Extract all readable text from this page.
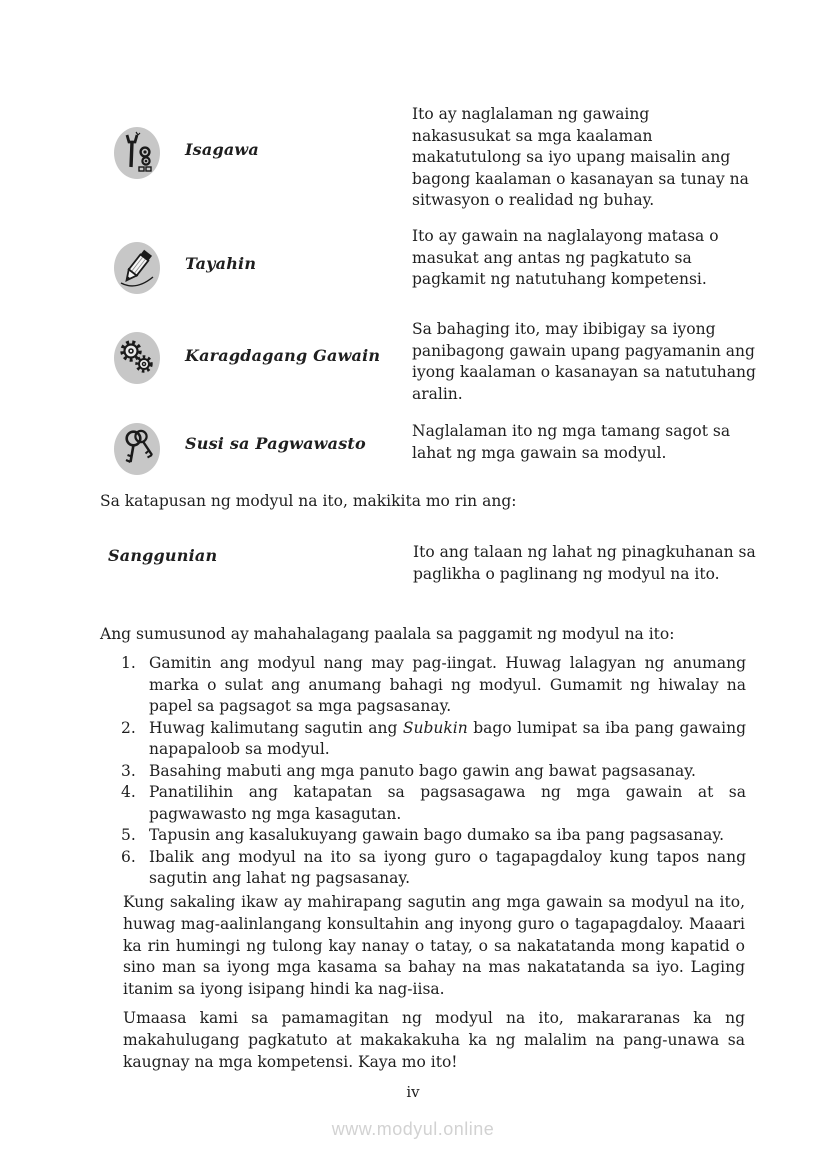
Isagawa
Ito ay naglalaman ng gawaing nakasusukat sa mga kaalaman makatutulong sa iyo upang maisalin ang bagong kaalaman o kasanayan sa tunay na sitwasyon o realidad ng buhay.
Tayahin
Ito ay gawain na naglalayong matasa o masukat ang antas ng pagkatuto sa pagkamit ng natutuhang kompetensi.
Karagdagang Gawain
Sa bahaging ito, may ibibigay sa iyong panibagong gawain upang pagyamanin ang iyong kaalaman o kasanayan sa natutuhang aralin.
Susi sa Pagwawasto
Naglalaman ito ng mga tamang sagot sa lahat ng mga gawain sa modyul.
Sa katapusan ng modyul na ito, makikita mo rin ang:
Sanggunian	Ito ang talaan ng lahat ng pinagkuhanan sa paglikha o paglinang ng modyul na ito.
Ang sumusunod ay mahahalagang paalala sa paggamit ng modyul na ito:
1. Gamitin ang modyul nang may pag-iingat. Huwag lalagyan ng anumang marka o sulat ang anumang bahagi ng modyul. Gumamit ng hiwalay na papel sa pagsagot sa mga pagsasanay.
2. Huwag kalimutang sagutin ang Subukin bago lumipat sa iba pang gawaing napapaloob sa modyul.
3. Basahing mabuti ang mga panuto bago gawin ang bawat pagsasanay.
4. Panatilihin ang katapatan sa pagsasagawa ng mga gawain at sa pagwawasto ng mga kasagutan.
5. Tapusin ang kasalukuyang gawain bago dumako sa iba pang pagsasanay.
6. Ibalik ang modyul na ito sa iyong guro o tagapagdaloy kung tapos nang sagutin ang lahat ng pagsasanay.
Kung sakaling ikaw ay mahirapang sagutin ang mga gawain sa modyul na ito, huwag mag-aalinlangang konsultahin ang inyong guro o tagapagdaloy. Maaari ka rin humingi ng tulong kay nanay o tatay, o sa nakatatanda mong kapatid o sino man sa iyong mga kasama sa bahay na mas nakatatanda sa iyo. Laging itanim sa iyong isipang hindi ka nag-iisa.
Umaasa kami sa pamamagitan ng modyul na ito, makararanas ka ng makahulugang pagkatuto at makakakuha ka ng malalim na pang-unawa sa kaugnay na mga kompetensi. Kaya mo ito!
iv
www.modyul.online
